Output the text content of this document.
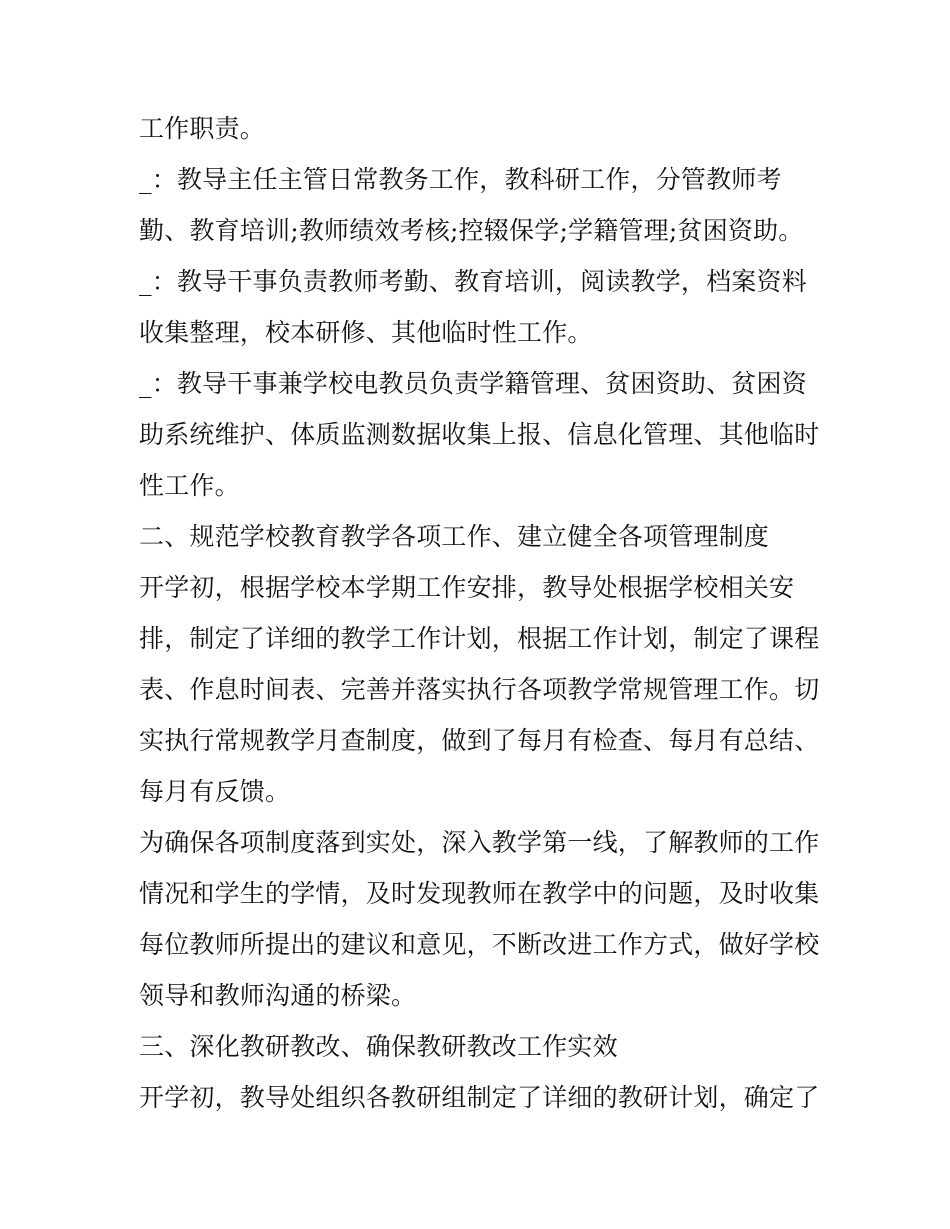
工作职责。
_：教导主任主管日常教务工作，教科研工作，分管教师考
勤、教育培训;教师绩效考核;控辍保学;学籍管理;贫困资助。
_：教导干事负责教师考勤、教育培训，阅读教学，档案资料
收集整理，校本研修、其他临时性工作。
_：教导干事兼学校电教员负责学籍管理、贫困资助、贫困资
助系统维护、体质监测数据收集上报、信息化管理、其他临时
性工作。
二、规范学校教育教学各项工作、建立健全各项管理制度
开学初，根据学校本学期工作安排，教导处根据学校相关安
排，制定了详细的教学工作计划，根据工作计划，制定了课程
表、作息时间表、完善并落实执行各项教学常规管理工作。切
实执行常规教学月查制度，做到了每月有检查、每月有总结、
每月有反馈。
为确保各项制度落到实处，深入教学第一线，了解教师的工作
情况和学生的学情，及时发现教师在教学中的问题，及时收集
每位教师所提出的建议和意见，不断改进工作方式，做好学校
领导和教师沟通的桥梁。
三、深化教研教改、确保教研教改工作实效
开学初，教导处组织各教研组制定了详细的教研计划，确定了
